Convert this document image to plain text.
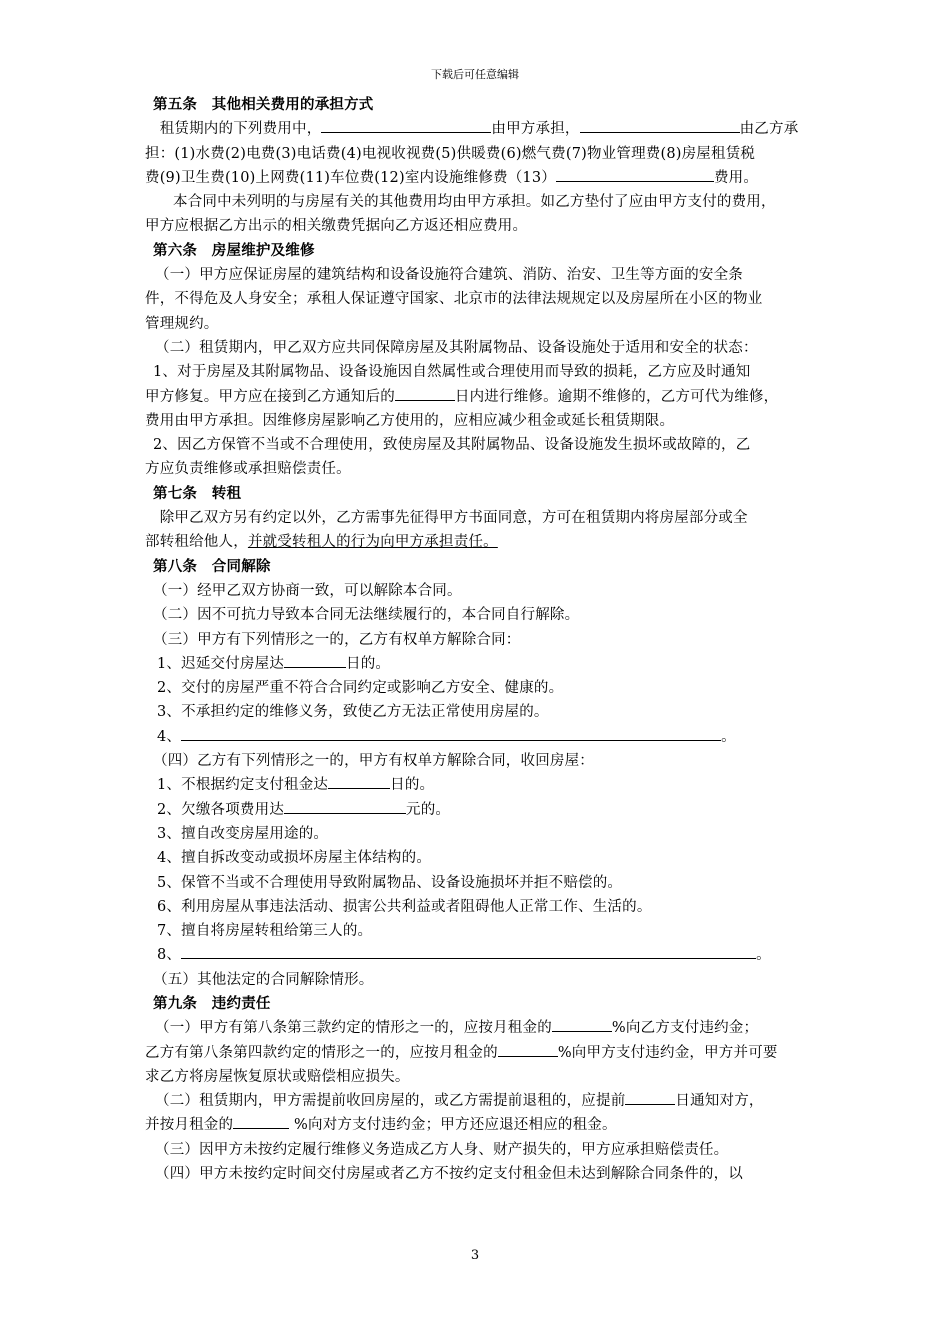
下载后可任意编辑
第五条　其他相关费用的承担方式
　租赁期内的下列费用中，	由甲方承担，	由乙方承
担：(1)水费(2)电费(3)电话费(4)电视收视费(5)供暖费(6)燃气费(7)物业管理费(8)房屋租赁税
费(9)卫生费(10)上网费(11)车位费(12)室内设施维修费（13）	费用。
本合同中未列明的与房屋有关的其他费用均由甲方承担。如乙方垫付了应由甲方支付的费用，
甲方应根据乙方出示的相关缴费凭据向乙方返还相应费用。
第六条　房屋维护及维修
（一）甲方应保证房屋的建筑结构和设备设施符合建筑、消防、治安、卫生等方面的安全条
件，不得危及人身安全；承租人保证遵守国家、北京市的法律法规规定以及房屋所在小区的物业
管理规约。
（二）租赁期内，甲乙双方应共同保障房屋及其附属物品、设备设施处于适用和安全的状态：
1、对于房屋及其附属物品、设备设施因自然属性或合理使用而导致的损耗，乙方应及时通知
甲方修复。甲方应在接到乙方通知后的	日内进行维修。逾期不维修的，乙方可代为维修，
费用由甲方承担。因维修房屋影响乙方使用的，应相应减少租金或延长租赁期限。
2、因乙方保管不当或不合理使用，致使房屋及其附属物品、设备设施发生损坏或故障的，乙
方应负责维修或承担赔偿责任。
第七条　转租
　除甲乙双方另有约定以外，乙方需事先征得甲方书面同意，方可在租赁期内将房屋部分或全
部转租给他人，并就受转租人的行为向甲方承担责任。
第八条　合同解除
（一）经甲乙双方协商一致，可以解除本合同。
（二）因不可抗力导致本合同无法继续履行的，本合同自行解除。
（三）甲方有下列情形之一的，乙方有权单方解除合同：
1、迟延交付房屋达	日的。
2、交付的房屋严重不符合合同约定或影响乙方安全、健康的。
3、不承担约定的维修义务，致使乙方无法正常使用房屋的。
4、	。
（四）乙方有下列情形之一的，甲方有权单方解除合同，收回房屋：
1、不根据约定支付租金达	日的。
2、欠缴各项费用达	元的。
3、擅自改变房屋用途的。
4、擅自拆改变动或损坏房屋主体结构的。
5、保管不当或不合理使用导致附属物品、设备设施损坏并拒不赔偿的。
6、利用房屋从事违法活动、损害公共利益或者阻碍他人正常工作、生活的。
7、擅自将房屋转租给第三人的。
8、	。
（五）其他法定的合同解除情形。
第九条　违约责任
（一）甲方有第八条第三款约定的情形之一的，应按月租金的	%向乙方支付违约金；
乙方有第八条第四款约定的情形之一的，应按月租金的	%向甲方支付违约金，甲方并可要
求乙方将房屋恢复原状或赔偿相应损失。
（二）租赁期内，甲方需提前收回房屋的，或乙方需提前退租的，应提前	日通知对方，
并按月租金的	%向对方支付违约金；甲方还应退还相应的租金。
（三）因甲方未按约定履行维修义务造成乙方人身、财产损失的，甲方应承担赔偿责任。
（四）甲方未按约定时间交付房屋或者乙方不按约定支付租金但未达到解除合同条件的，以
3
